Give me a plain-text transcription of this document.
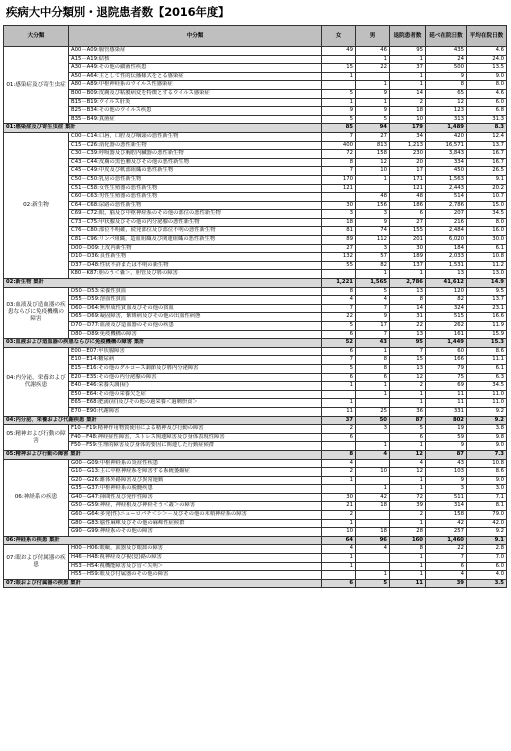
疾病大中分類別・退院患者数【2016年度】
大分類	中分類	女	男	退院患者数	延べ在院日数	平均在院日数
01:感染症及び寄生虫症	A00－A09:腸管感染症	49	46	95	435	4.6
	A15－A19:結核		1	1	24	24.0
	A30－A49:その他の細菌性疾患	15	22	37	500	13.5
	A50－A64:主として性的伝播様式をとる感染症	1		1	9	9.0
	A80－A89:中枢神経系のウイルス性感染症		1	1	8	8.0
	B00－B09:皮膚及び粘膜病変を特徴とするウイルス感染症	5	9	14	65	4.6
	B15－B19:ウイルス肝炎	1	1	2	12	6.0
	B25－B34:その他のウイルス疾患	9	9	18	123	6.8
	B35－B49:真菌症	5	5	10	313	31.3
01:感染症及び寄生虫症 集計		85	94	179	1,489	8.3
02:新生物	C00－C14:口唇，口腔及び咽頭の悪性新生物	7	27	34	420	12.4
	C15－C26:消化器の悪性新生物	400	813	1,213	16,571	13.7
	C30－C39:呼吸器及び胸腔内臓器の悪性新生物	72	158	230	3,843	16.7
	C43－C44:皮膚の黒色腫及びその他の悪性新生物	8	12	20	334	16.7
	C45－C49:中皮及び軟部組織の悪性新生物	7	10	17	450	26.5
	C50－C50:乳房の悪性新生物	170	1	171	1,563	9.1
	C51－C58:女性生殖器の悪性新生物	121		121	2,443	20.2
	C60－C63:男性生殖器の悪性新生物		48	48	514	10.7
	C64－C68:尿路の悪性新生物	30	156	186	2,786	15.0
	C69－C72:眼，脳及び中枢神経系のその他の部位の悪性新生物	3	3	6	207	34.5
	C73－C75:甲状腺及びその他の内分泌腺の悪性新生物	18	9	27	216	8.0
	C76－C80:部位不明確，続発部位及び部位不明の悪性新生物	81	74	155	2,484	16.0
	C81－C96:リンパ組織，造血組織及び関連組織の悪性新生物	89	112	201	6,020	30.0
	D00－D09:上皮内新生物	27	3	30	184	6.1
	D10－D36:良性新生物	132	57	189	2,033	10.8
	D37－D48:性状不詳または不明の新生物	55	82	137	1,531	11.2
	K80－K87:胆のう＜嚢＞，胆管及び膵の障害		1	1	13	13.0
02:新生物 集計		1,221	1,565	2,786	41,612	14.9
03:血液及び造血器の疾患ならびに免疫機構の障害	D50－D53:栄養性貧血	8	5	13	120	9.5
	D55－D59:溶血性貧血	4	4	8	82	13.7
	D60－D64:無形成性貧血及びその他の貧血	7	7	14	324	23.1
	D65－D69:凝固障害，紫斑病及びその他の出血性病態	22	9	31	515	16.6
	D70－D77:血液及び造血器のその他の疾患	5	17	22	262	11.9
	D80－D89:免疫機構の障害	6	7	13	161	15.9
03:血液および造血器の疾患ならびに免疫機構の障害 集計		52	43	95	1,449	15.3
04:内分泌，栄養および代謝疾患	E00－E07:甲状腺障害	6	1	7	60	8.6
	E10－E14:糖尿病	7	8	15	166	11.1
	E15－E16:その他のグルコース調節及び膵内分泌障害	5	8	13	79	6.1
	E20－E35:その他の内分泌腺の障害	6	6	12	75	6.3
	E40－E46:栄養失調(症)	1	1	2	69	34.5
	E50－E64:その他の栄養欠乏症		1	1	11	11.0
	E65－E68:肥満(症)及びその他の過栄養＜過剰摂食＞	1		1	11	11.0
	E70－E90:代謝障害	11	25	36	331	9.2
04:内分泌、栄養および代謝疾患 集計		37	50	87	802	9.2
05:精神および行動の障害	F10－F19:精神作用物質使用による精神及び行動の障害	2	3	5	19	3.8
	F40－F48:神経症性障害，ストレス関連障害及び身体表現性障害	6		6	59	9.8
	F50－F59:生理的障害及び身体的要因に関連した行動症候群		1	1	9	9.0
05:精神および行動の障害 集計		8	4	12	87	7.3
06:神経系の疾患	G00－G09:中枢神経系の炎症性疾患	4		4	43	10.8
	G10－G13:主に中枢神経系を障害する系統萎縮症	2	10	12	103	8.6
	G20－G26:錐体外路障害及び異常運動	1		1	9	9.0
	G35－G37:中枢神経系の脱髄疾患		1	1	3	3.0
	G40－G47:挿間性及び発作性障害	30	42	72	511	7.1
	G50－G59:神経，神経根及び神経そう＜叢＞の障害	21	18	39	314	8.1
	G60－G64:多発(性)ニューロパチ＜シ＞－及びその他の末梢神経系の障害	2		2	158	79.0
	G80－G83:脳性麻痺及びその他の麻痺性症候群	1		1	42	42.0
	G90－G99:神経系のその他の障害	10	18	28	257	9.2
06:神経系の疾患 集計		64	96	160	1,460	9.1
07:眼および付属器の疾患	H00－H06:眼瞼，涙器及び眼窩の障害	4	4	8	22	2.8
	H46－H48:視神経及び視(覚)路の障害	1		1	7	7.0
	H53－H54:視機能障害及び盲＜失明＞	1		1	6	6.0
	H55－H59:眼及び付属器のその他の障害		1	1	4	4.0
07:眼および付属器の疾患 集計		6	5	11	39	3.5
